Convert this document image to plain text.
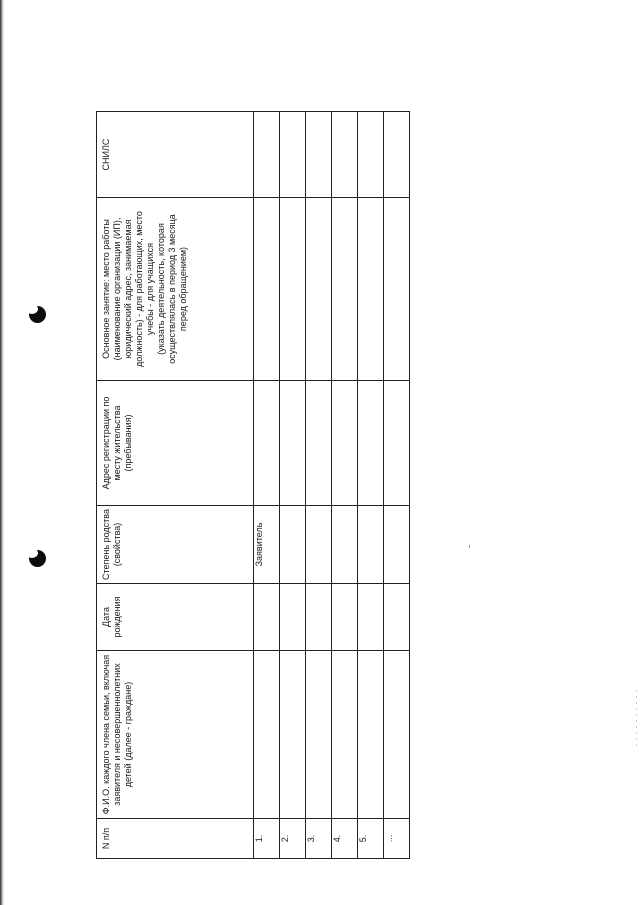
N п/п	Ф.И.О. каждого члена семьи, включая заявителя и несовершеннолетних детей (далее - граждане)	Дата рождения	Степень родства (свойства)	Адрес регистрации по месту жительства (пребывания)	Основное занятие: место работы (наименование организации (ИП), юридический адрес, занимаемая должность) - для работающих, место учебы - для учащихся (указать деятельность, которая осуществлялась в период 3 месяца перед обращением)	СНИЛС
1.			Заявитель			
2.						
3.						
4.						
5.						
...						
